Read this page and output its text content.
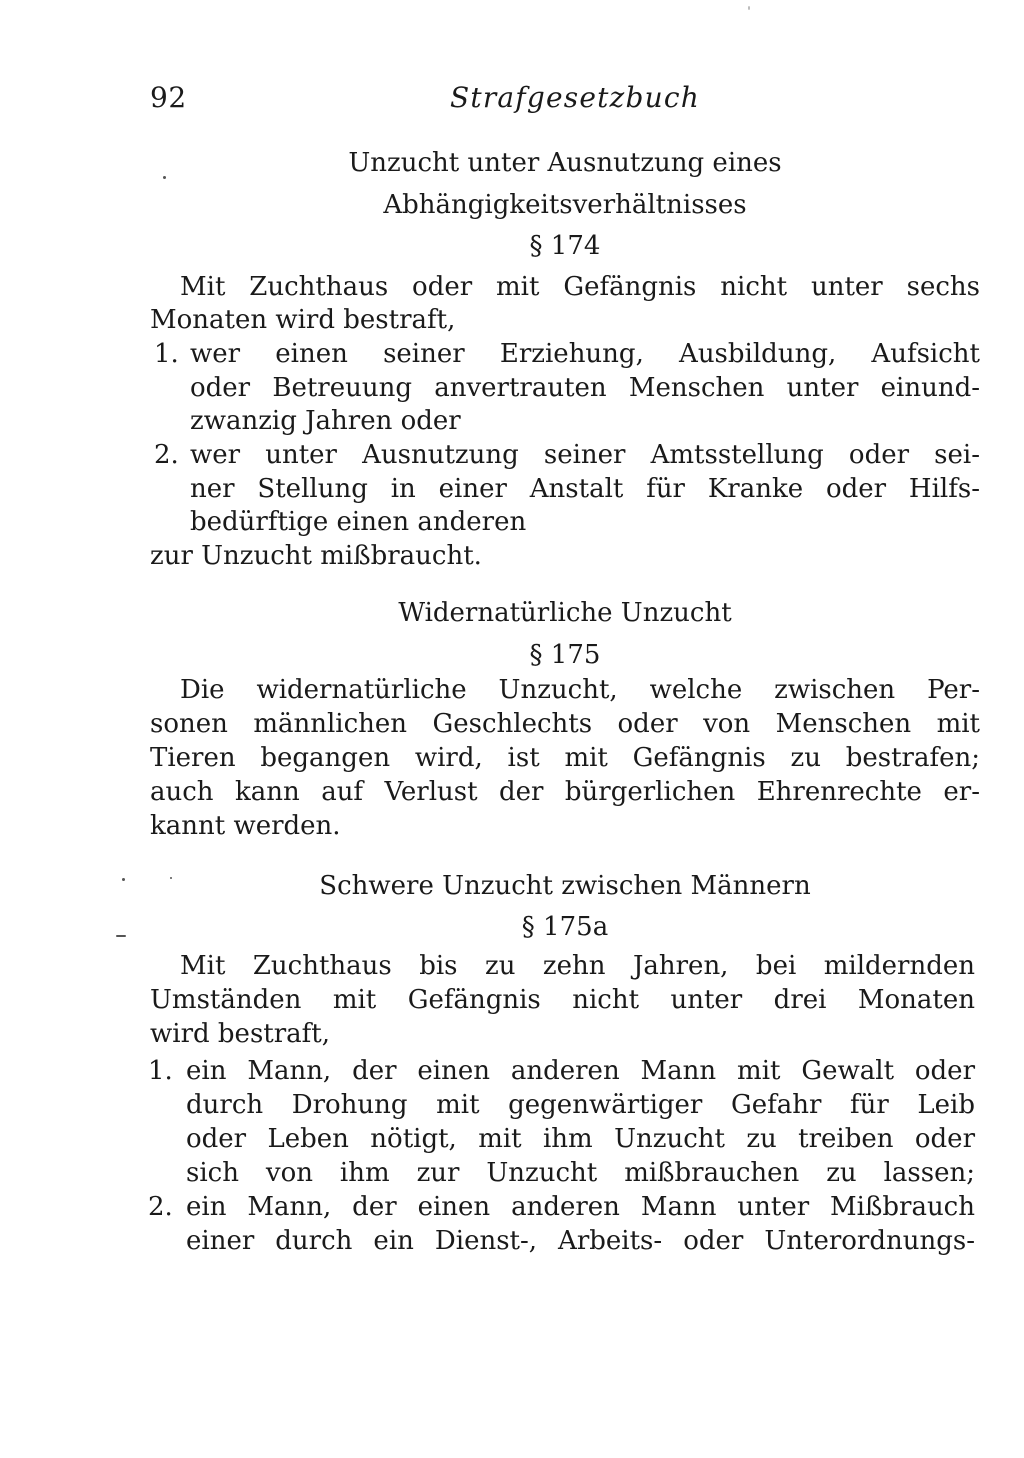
92	Strafgesetzbuch
Unzucht unter Ausnutzung eines
Abhängigkeitsverhältnisses
§ 174
Mit Zuchthaus oder mit Gefängnis nicht unter sechs
Monaten wird bestraft,
1. wer einen seiner Erziehung, Ausbildung, Aufsicht
oder Betreuung anvertrauten Menschen unter einund-
zwanzig Jahren oder
2. wer unter Ausnutzung seiner Amtsstellung oder sei-
ner Stellung in einer Anstalt für Kranke oder Hilfs-
bedürftige einen anderen
zur Unzucht mißbraucht.
Widernatürliche Unzucht
§ 175
Die widernatürliche Unzucht, welche zwischen Per-
sonen männlichen Geschlechts oder von Menschen mit
Tieren begangen wird, ist mit Gefängnis zu bestrafen;
auch kann auf Verlust der bürgerlichen Ehrenrechte er-
kannt werden.
Schwere Unzucht zwischen Männern
§ 175a
Mit Zuchthaus bis zu zehn Jahren, bei mildernden
Umständen mit Gefängnis nicht unter drei Monaten
wird bestraft,
1. ein Mann, der einen anderen Mann mit Gewalt oder
durch Drohung mit gegenwärtiger Gefahr für Leib
oder Leben nötigt, mit ihm Unzucht zu treiben oder
sich von ihm zur Unzucht mißbrauchen zu lassen;
2. ein Mann, der einen anderen Mann unter Mißbrauch
einer durch ein Dienst-, Arbeits- oder Unterordnungs-
